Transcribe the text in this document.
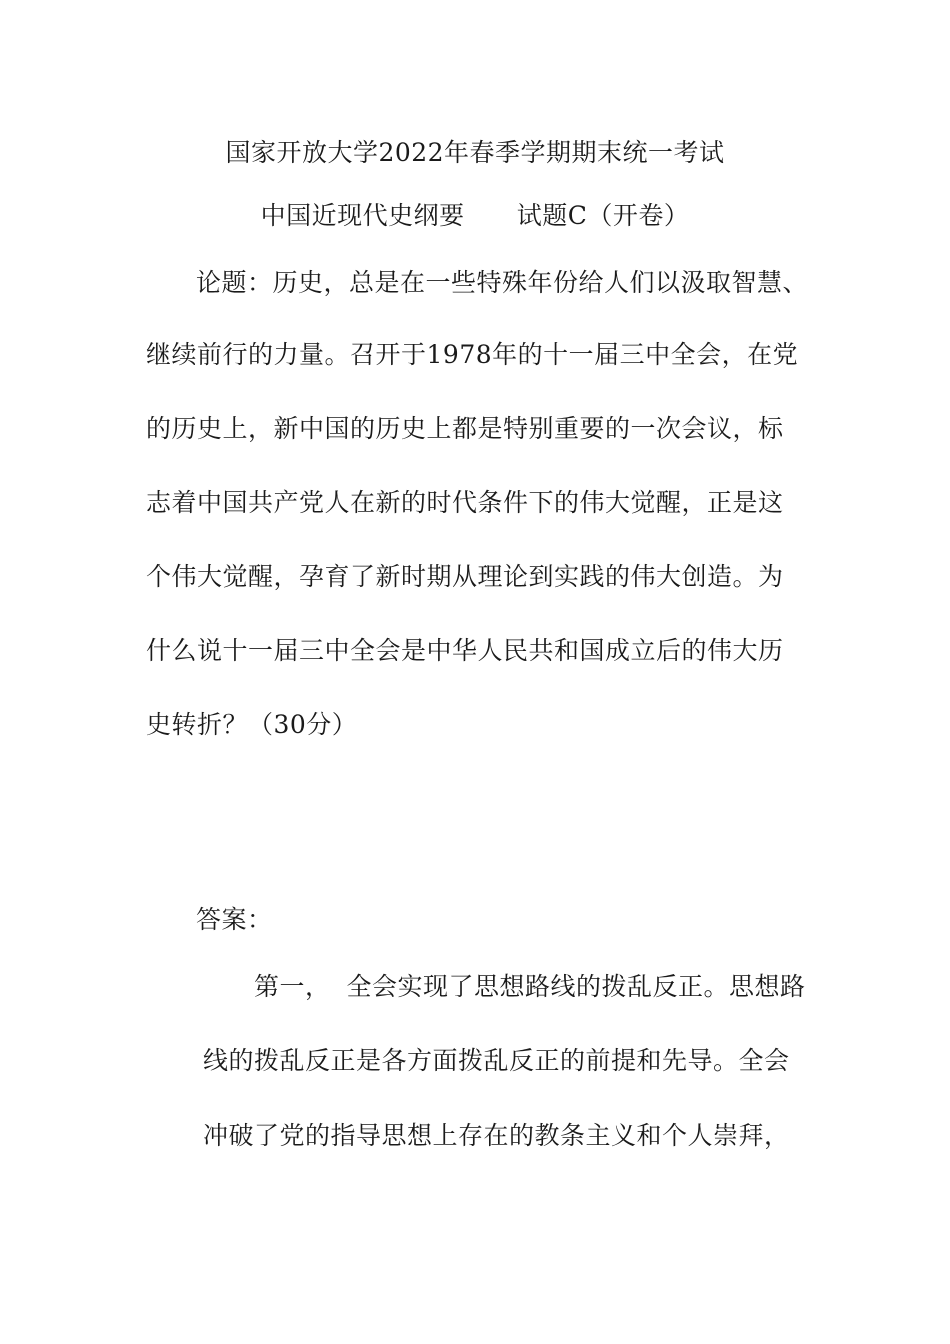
国家开放大学2022年春季学期期末统一考试
中国近现代史纲要 试题C（开卷）
论题：历史，总是在一些特殊年份给人们以汲取智慧、
继续前行的力量。召开于1978年的十一届三中全会，在党
的历史上，新中国的历史上都是特别重要的一次会议，标
志着中国共产党人在新的时代条件下的伟大觉醒，正是这
个伟大觉醒，孕育了新时期从理论到实践的伟大创造。为
什么说十一届三中全会是中华人民共和国成立后的伟大历
史转折？（30分）
答案：
第一， 全会实现了思想路线的拨乱反正。思想路
线的拨乱反正是各方面拨乱反正的前提和先导。全会
冲破了党的指导思想上存在的教条主义和个人崇拜，
